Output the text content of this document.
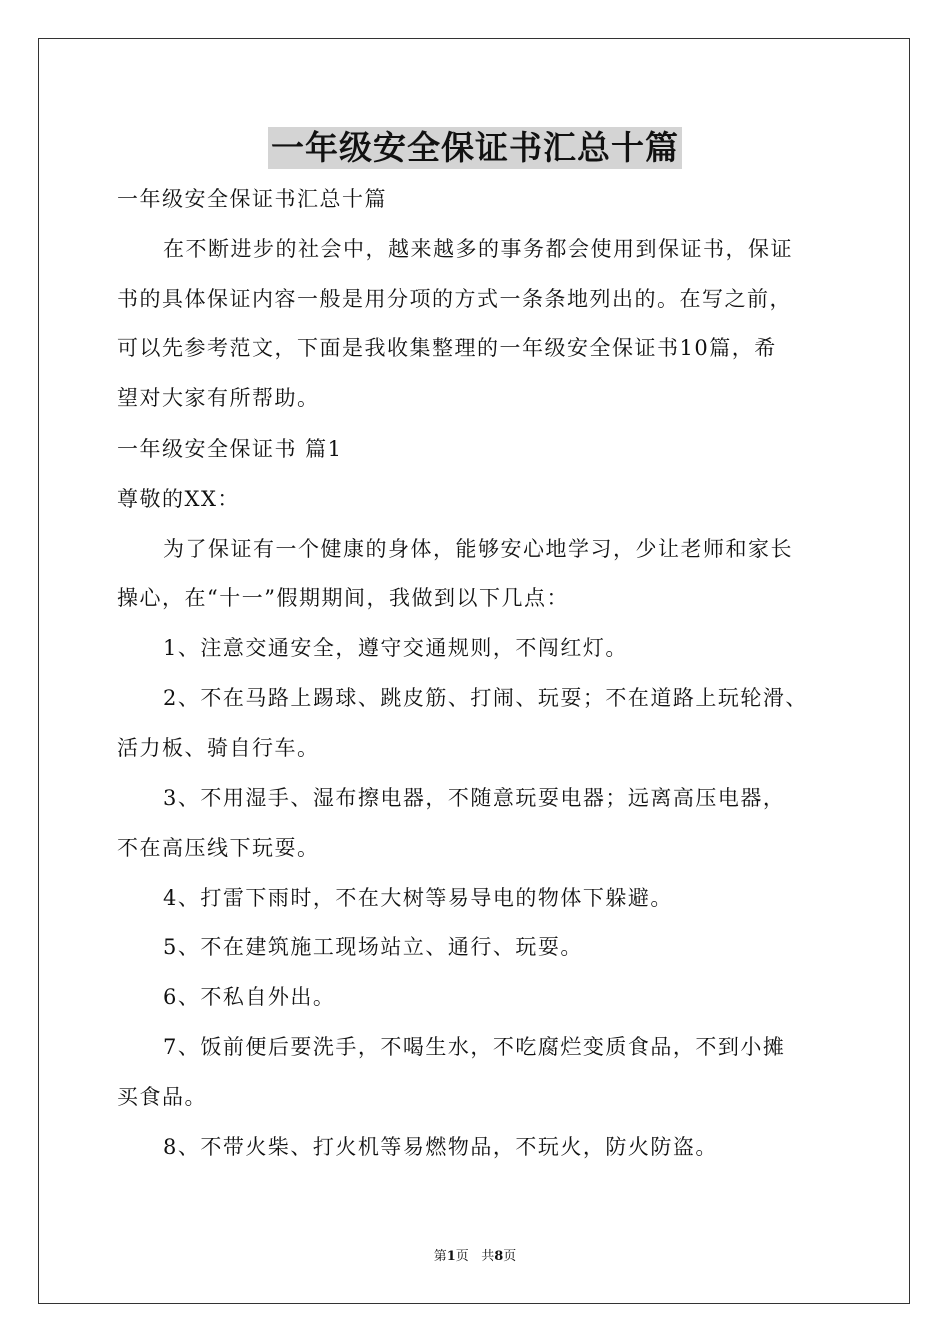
一年级安全保证书汇总十篇
一年级安全保证书汇总十篇
在不断进步的社会中，越来越多的事务都会使用到保证书，保证
书的具体保证内容一般是用分项的方式一条条地列出的。在写之前，
可以先参考范文，下面是我收集整理的一年级安全保证书10篇，希
望对大家有所帮助。
一年级安全保证书 篇1
尊敬的XX：
为了保证有一个健康的身体，能够安心地学习，少让老师和家长
操心，在“十一”假期期间，我做到以下几点：
1、注意交通安全，遵守交通规则，不闯红灯。
2、不在马路上踢球、跳皮筋、打闹、玩耍；不在道路上玩轮滑、
活力板、骑自行车。
3、不用湿手、湿布擦电器，不随意玩耍电器；远离高压电器，
不在高压线下玩耍。
4、打雷下雨时，不在大树等易导电的物体下躲避。
5、不在建筑施工现场站立、通行、玩耍。
6、不私自外出。
7、饭前便后要洗手，不喝生水，不吃腐烂变质食品，不到小摊
买食品。
8、不带火柴、打火机等易燃物品，不玩火，防火防盗。
第1页   共8页
